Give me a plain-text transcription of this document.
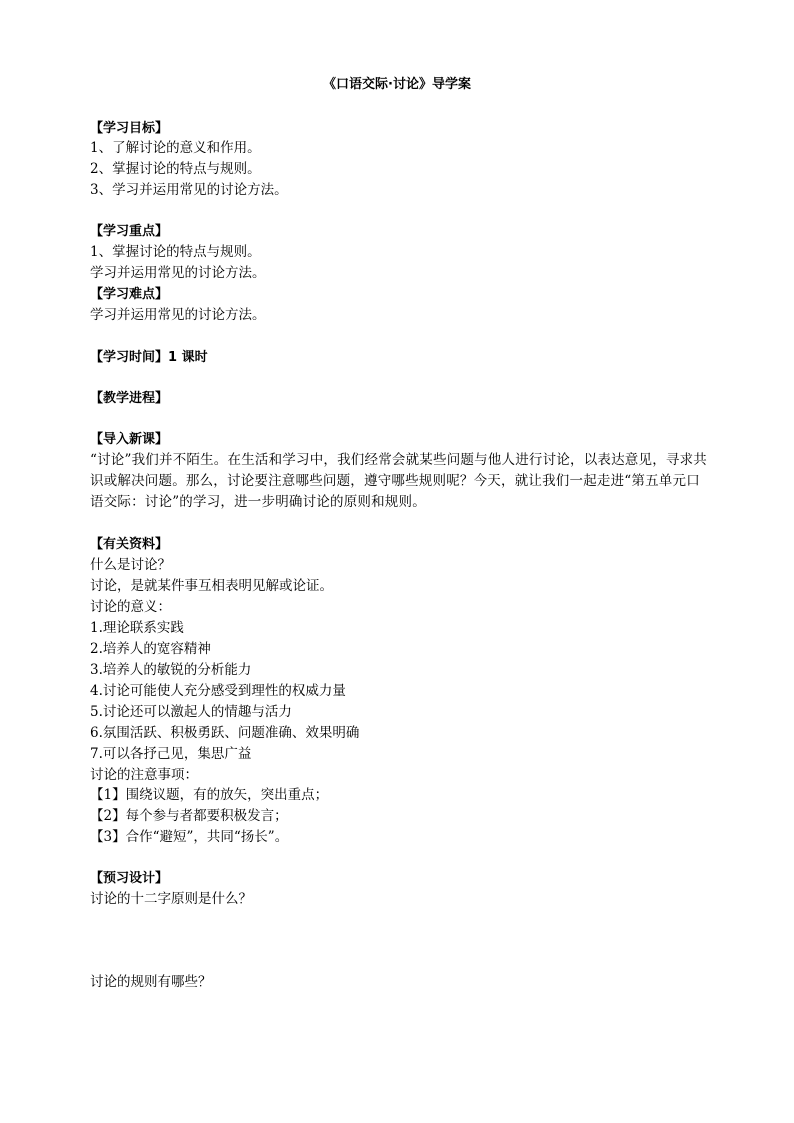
《口语交际·讨论》导学案
【学习目标】
1、了解讨论的意义和作用。
2、掌握讨论的特点与规则。
3、学习并运用常见的讨论方法。
【学习重点】
1、掌握讨论的特点与规则。
学习并运用常见的讨论方法。
【学习难点】
学习并运用常见的讨论方法。
【学习时间】1 课时
【教学进程】
【导入新课】
“讨论”我们并不陌生。在生活和学习中，我们经常会就某些问题与他人进行讨论，以表达意见，寻求共识或解决问题。那么，讨论要注意哪些问题，遵守哪些规则呢？今天，就让我们一起走进“第五单元口语交际：讨论”的学习，进一步明确讨论的原则和规则。
【有关资料】
什么是讨论？
讨论，是就某件事互相表明见解或论证。
讨论的意义：
1.理论联系实践
2.培养人的宽容精神
3.培养人的敏锐的分析能力
4.讨论可能使人充分感受到理性的权威力量
5.讨论还可以激起人的情趣与活力
6.氛围活跃、积极勇跃、问题准确、效果明确
7.可以各抒己见，集思广益
讨论的注意事项：
【1】围绕议题，有的放矢，突出重点；
【2】每个参与者都要积极发言；
【3】合作“避短”，共同“扬长”。
【预习设计】
讨论的十二字原则是什么？
讨论的规则有哪些？
